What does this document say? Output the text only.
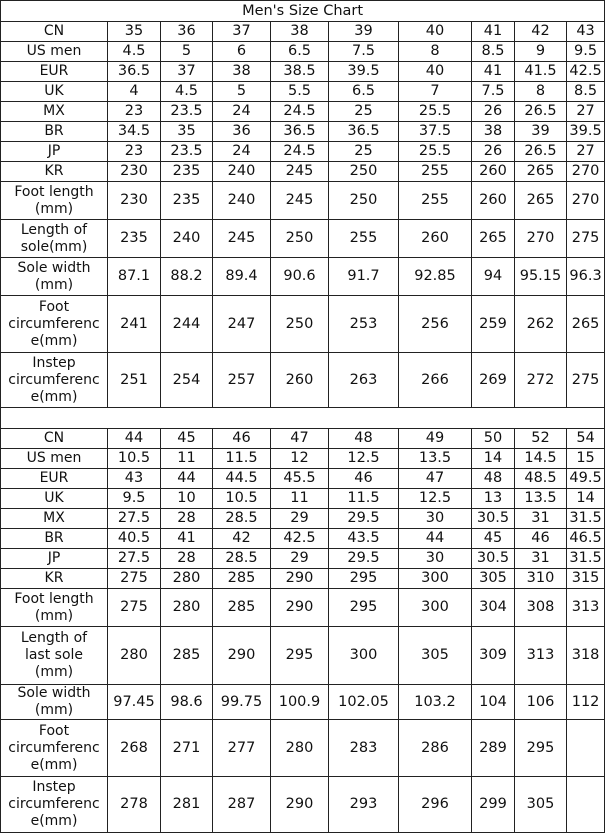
Men's Size Chart									
CN	35	36	37	38	39	40	41	42	43
US men	4.5	5	6	6.5	7.5	8	8.5	9	9.5
EUR	36.5	37	38	38.5	39.5	40	41	41.5	42.5
UK	4	4.5	5	5.5	6.5	7	7.5	8	8.5
MX	23	23.5	24	24.5	25	25.5	26	26.5	27
BR	34.5	35	36	36.5	36.5	37.5	38	39	39.5
JP	23	23.5	24	24.5	25	25.5	26	26.5	27
KR	230	235	240	245	250	255	260	265	270
Foot length
(mm)	230	235	240	245	250	255	260	265	270
Length of
sole(mm)	235	240	245	250	255	260	265	270	275
Sole width
(mm)	87.1	88.2	89.4	90.6	91.7	92.85	94	95.15	96.3
Foot
circumferenc
e(mm)	241	244	247	250	253	256	259	262	265
Instep
circumferenc
e(mm)	251	254	257	260	263	266	269	272	275

CN	44	45	46	47	48	49	50	52	54
US men	10.5	11	11.5	12	12.5	13.5	14	14.5	15
EUR	43	44	44.5	45.5	46	47	48	48.5	49.5
UK	9.5	10	10.5	11	11.5	12.5	13	13.5	14
MX	27.5	28	28.5	29	29.5	30	30.5	31	31.5
BR	40.5	41	42	42.5	43.5	44	45	46	46.5
JP	27.5	28	28.5	29	29.5	30	30.5	31	31.5
KR	275	280	285	290	295	300	305	310	315
Foot length
(mm)	275	280	285	290	295	300	304	308	313
Length of
last sole
(mm)	280	285	290	295	300	305	309	313	318
Sole width
(mm)	97.45	98.6	99.75	100.9	102.05	103.2	104	106	112
Foot
circumferenc
e(mm)	268	271	277	280	283	286	289	295	
Instep
circumferenc
e(mm)	278	281	287	290	293	296	299	305	
